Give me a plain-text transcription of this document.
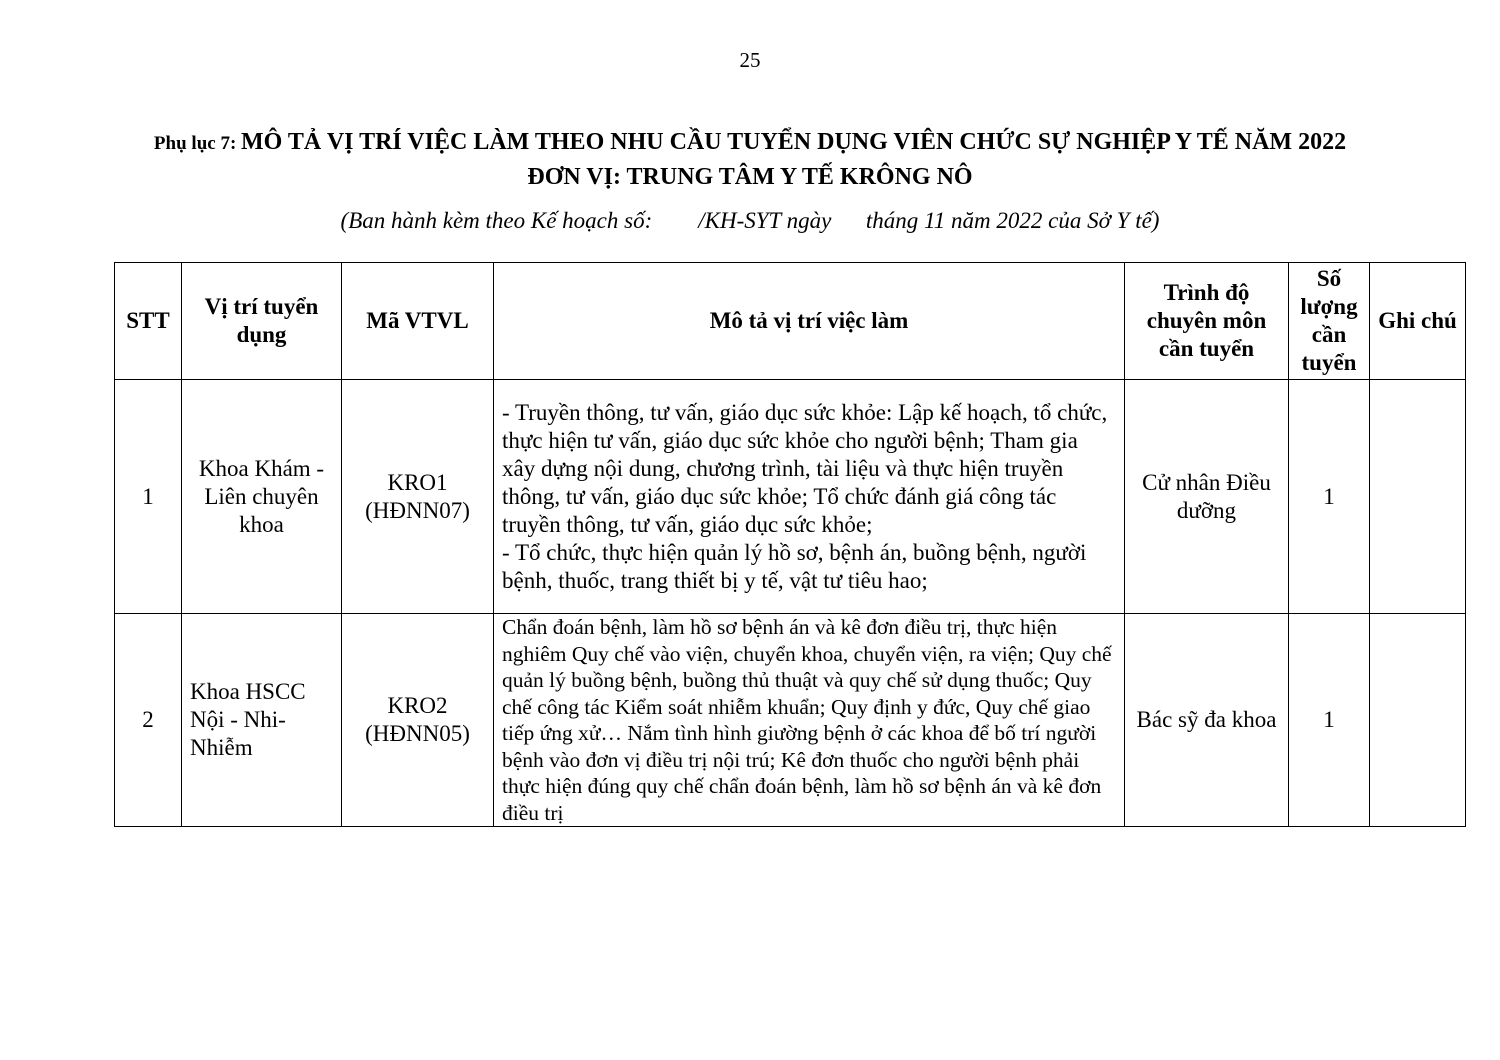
25
Phụ lục 7: MÔ TẢ VỊ TRÍ VIỆC LÀM THEO NHU CẦU TUYỂN DỤNG VIÊN CHỨC SỰ NGHIỆP Y TẾ NĂM 2022
ĐƠN VỊ: TRUNG TÂM Y TẾ KRÔNG NÔ
(Ban hành kèm theo Kế hoạch số:        /KH-SYT ngày      tháng 11 năm 2022 của Sở Y tế)
STT	Vị trí tuyển dụng	Mã VTVL	Mô tả vị trí việc làm	Trình độ chuyên môn cần tuyển	Số lượng cần tuyển	Ghi chú
1	Khoa Khám - Liên chuyên khoa	KRO1 (HĐNN07)	- Truyền thông, tư vấn, giáo dục sức khỏe: Lập kế hoạch, tổ chức, thực hiện tư vấn, giáo dục sức khỏe cho người bệnh; Tham gia xây dựng nội dung, chương trình, tài liệu và thực hiện truyền thông, tư vấn, giáo dục sức khỏe; Tổ chức đánh giá công tác truyền thông, tư vấn, giáo dục sức khỏe;
- Tổ chức, thực hiện quản lý hồ sơ, bệnh án, buồng bệnh, người bệnh, thuốc, trang thiết bị y tế, vật tư tiêu hao;	Cử nhân Điều dưỡng	1	
2	Khoa HSCC Nội - Nhi-Nhiễm	KRO2 (HĐNN05)	Chẩn đoán bệnh, làm hồ sơ bệnh án và kê đơn điều trị, thực hiện nghiêm Quy chế vào viện, chuyển khoa, chuyển viện, ra viện; Quy chế quản lý buồng bệnh, buồng thủ thuật và quy chế sử dụng thuốc; Quy chế công tác Kiểm soát nhiễm khuẩn; Quy định y đức, Quy chế giao tiếp ứng xử… Nắm tình hình giường bệnh ở các khoa để bố trí người bệnh vào đơn vị điều trị nội trú; Kê đơn thuốc cho người bệnh phải thực hiện đúng quy chế chẩn đoán bệnh, làm hồ sơ bệnh án và kê đơn điều trị	Bác sỹ đa khoa	1	
